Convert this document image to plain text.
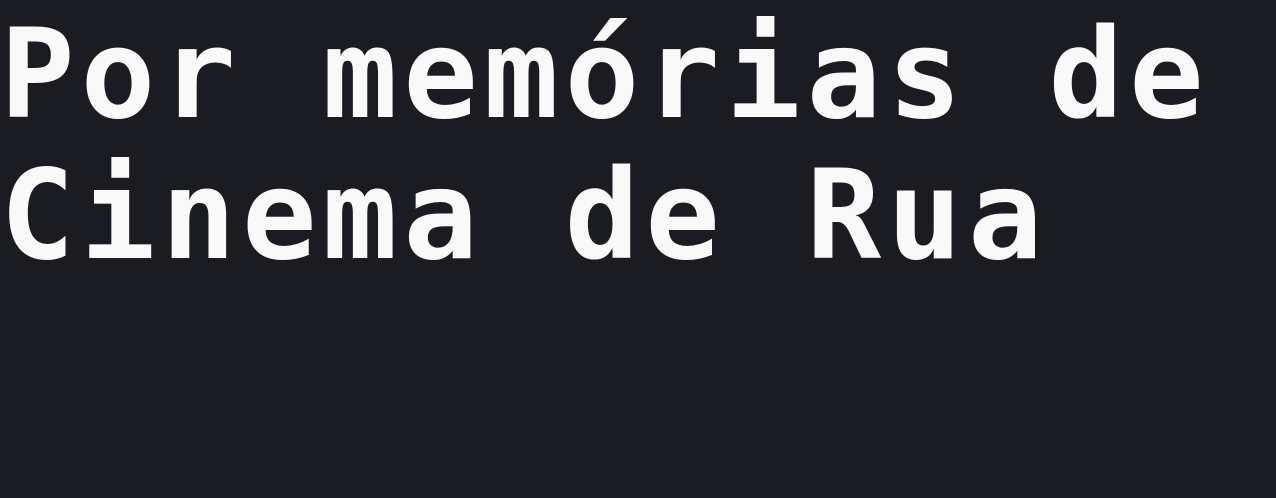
Por memórias de
Cinema de Rua
